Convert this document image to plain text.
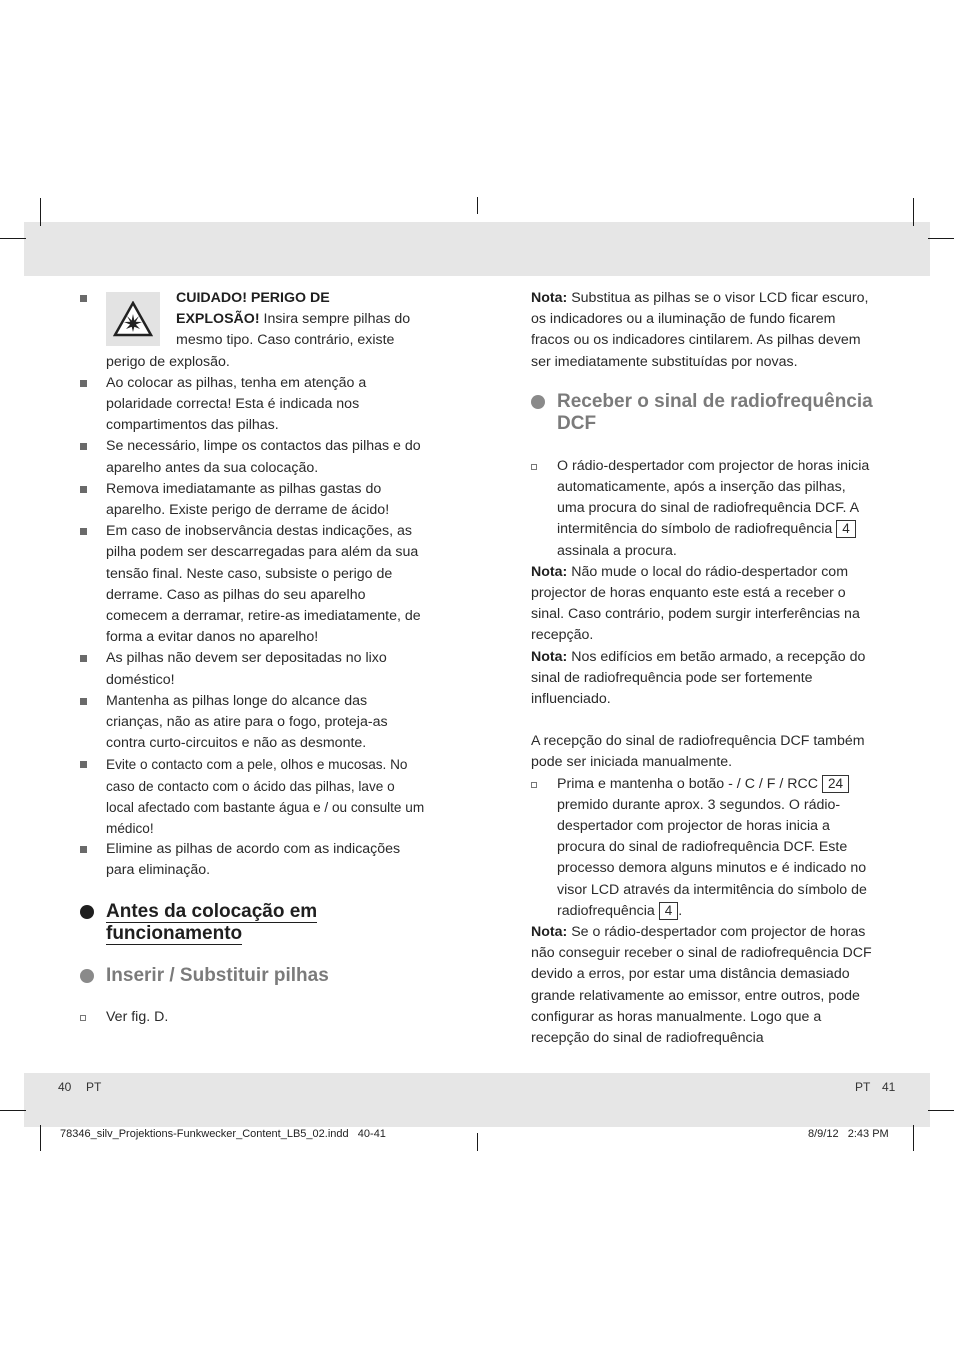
CUIDADO! PERIGO DE
EXPLOSÃO! Insira sempre pilhas do mesmo tipo. Caso contrário, existe perigo de explosão.
Ao colocar as pilhas, tenha em atenção a polaridade correcta! Esta é indicada nos compartimentos das pilhas.
Se necessário, limpe os contactos das pilhas e do aparelho antes da sua colocação.
Remova imediatamante as pilhas gastas do aparelho. Existe perigo de derrame de ácido!
Em caso de inobservância destas indicações, as pilha podem ser descarregadas para além da sua tensão final. Neste caso, subsiste o perigo de derrame. Caso as pilhas do seu aparelho comecem a derramar, retire-as imediatamente, de forma a evitar danos no aparelho!
As pilhas não devem ser depositadas no lixo doméstico!
Mantenha as pilhas longe do alcance das crianças, não as atire para o fogo, proteja-as contra curto-circuitos e não as desmonte.
Evite o contacto com a pele, olhos e mucosas. No caso de contacto com o ácido das pilhas, lave o local afectado com bastante água e / ou consulte um médico!
Elimine as pilhas de acordo com as indicações para eliminação.
Antes da colocação em funcionamento
Inserir / Substituir pilhas
Ver fig. D.
Nota: Substitua as pilhas se o visor LCD ficar escuro, os indicadores ou a iluminação de fundo ficarem fracos ou os indicadores cintilarem. As pilhas devem ser imediatamente substituídas por novas.
Receber o sinal de radiofrequência DCF
O rádio-despertador com projector de horas inicia automaticamente, após a inserção das pilhas, uma procura do sinal de radiofrequência DCF. A intermitência do símbolo de radiofrequência 4 assinala a procura.
Nota: Não mude o local do rádio-despertador com projector de horas enquanto este está a receber o sinal. Caso contrário, podem surgir interferências na recepção.
Nota: Nos edifícios em betão armado, a recepção do sinal de radiofrequência pode ser fortemente influenciado.
A recepção do sinal de radiofrequência DCF também pode ser iniciada manualmente.
Prima e mantenha o botão - / C / F / RCC 24 premido durante aprox. 3 segundos. O rádio-despertador com projector de horas inicia a procura do sinal de radiofrequência DCF. Este processo demora alguns minutos e é indicado no visor LCD através da intermitência do símbolo de radiofrequência 4 .
Nota: Se o rádio-despertador com projector de horas não conseguir receber o sinal de radiofrequência DCF devido a erros, por estar uma distância demasiado grande relativamente ao emissor, entre outros, pode configurar as horas manualmente. Logo que a recepção do sinal de radiofrequência
40 PT	PT 41
78346_silv_Projektions-Funkwecker_Content_LB5_02.indd   40-41	8/9/12   2:43 PM
